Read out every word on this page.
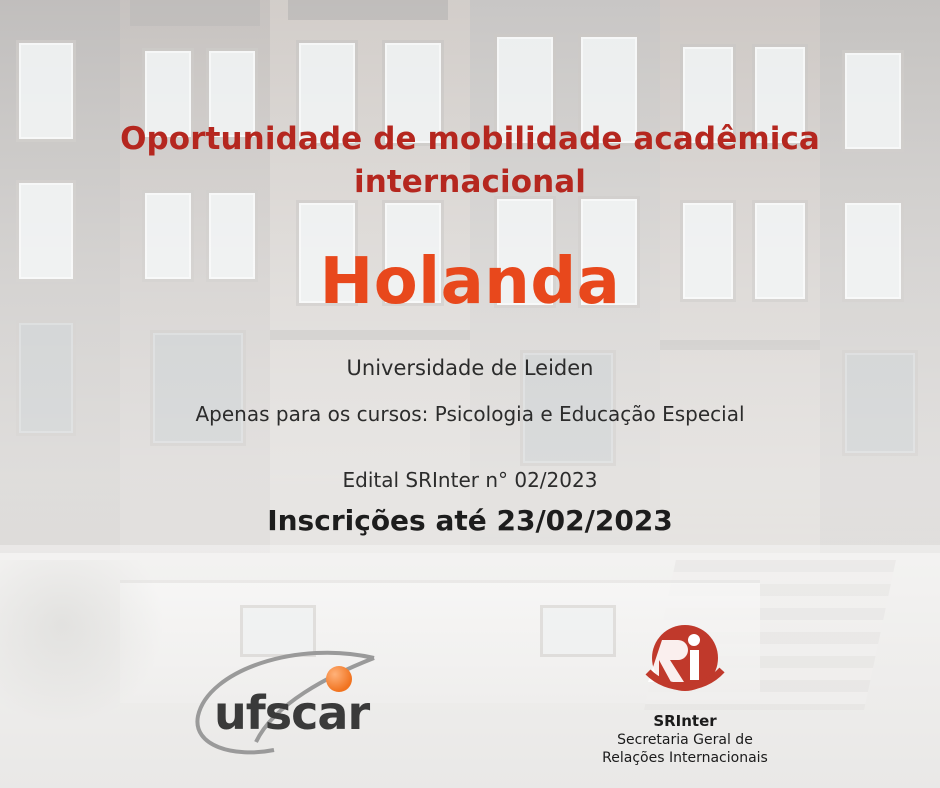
Oportunidade de mobilidade acadêmica internacional
Holanda
Universidade de Leiden
Apenas para os cursos: Psicologia e Educação Especial
Edital SRInter n° 02/2023
Inscrições até 23/02/2023
ufscar	SRInter
Secretaria Geral de
Relações Internacionais
